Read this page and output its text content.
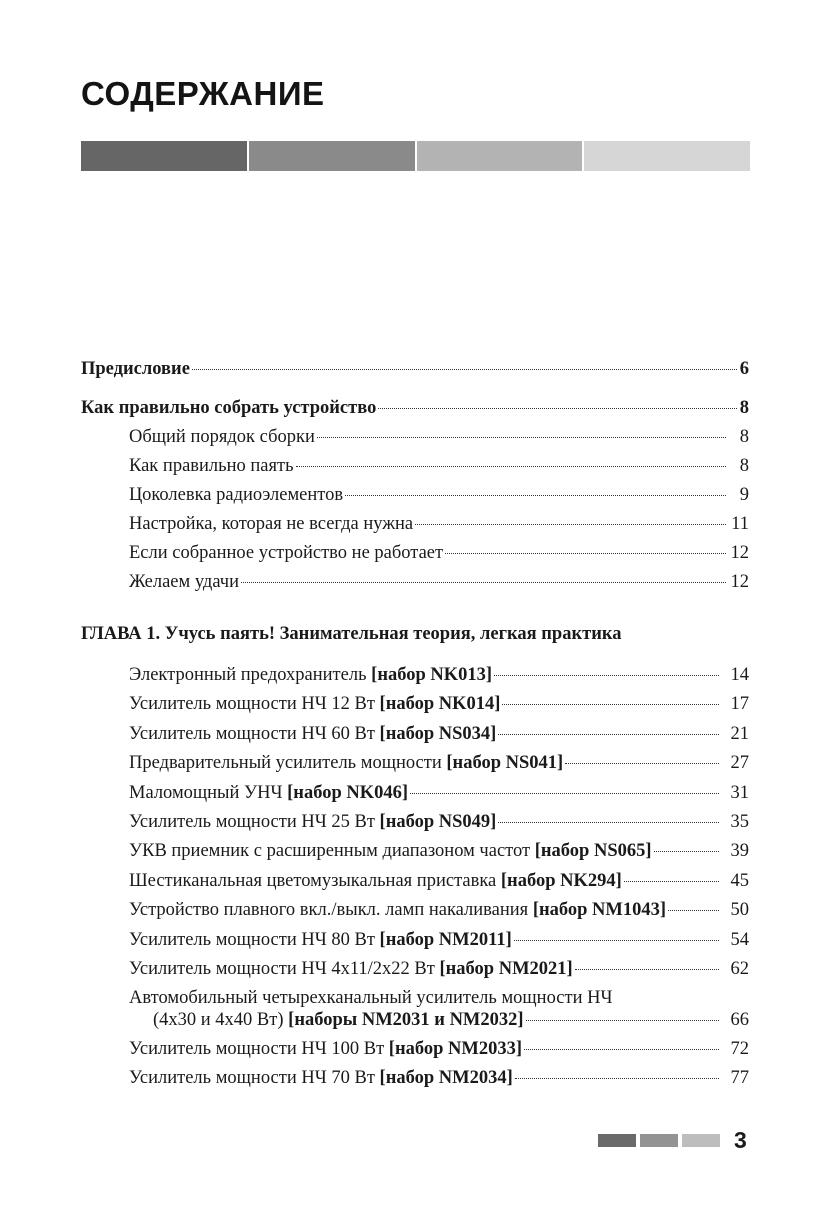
СОДЕРЖАНИЕ
Предисловие	6
Как правильно собрать устройство	8
Общий порядок сборки	8
Как правильно паять	8
Цоколевка радиоэлементов	9
Настройка, которая не всегда нужна	11
Если собранное устройство не работает	12
Желаем удачи	12
ГЛАВА 1. Учусь паять! Занимательная теория, легкая практика
Электронный предохранитель [набор NK013]	14
Усилитель мощности НЧ 12 Вт [набор NK014]	17
Усилитель мощности НЧ 60 Вт [набор NS034]	21
Предварительный усилитель мощности [набор NS041]	27
Маломощный УНЧ [набор NK046]	31
Усилитель мощности НЧ 25 Вт [набор NS049]	35
УКВ приемник с расширенным диапазоном частот [набор NS065]	39
Шестиканальная цветомузыкальная приставка [набор NK294]	45
Устройство плавного вкл./выкл. ламп накаливания [набор NM1043]	50
Усилитель мощности НЧ 80 Вт [набор NM2011]	54
Усилитель мощности НЧ 4х11/2х22 Вт [набор NM2021]	62
Автомобильный четырехканальный усилитель мощности НЧ
(4х30 и 4х40 Вт) [наборы NM2031 и NM2032]	66
Усилитель мощности НЧ 100 Вт [набор NM2033]	72
Усилитель мощности НЧ 70 Вт [набор NM2034]	77
3
